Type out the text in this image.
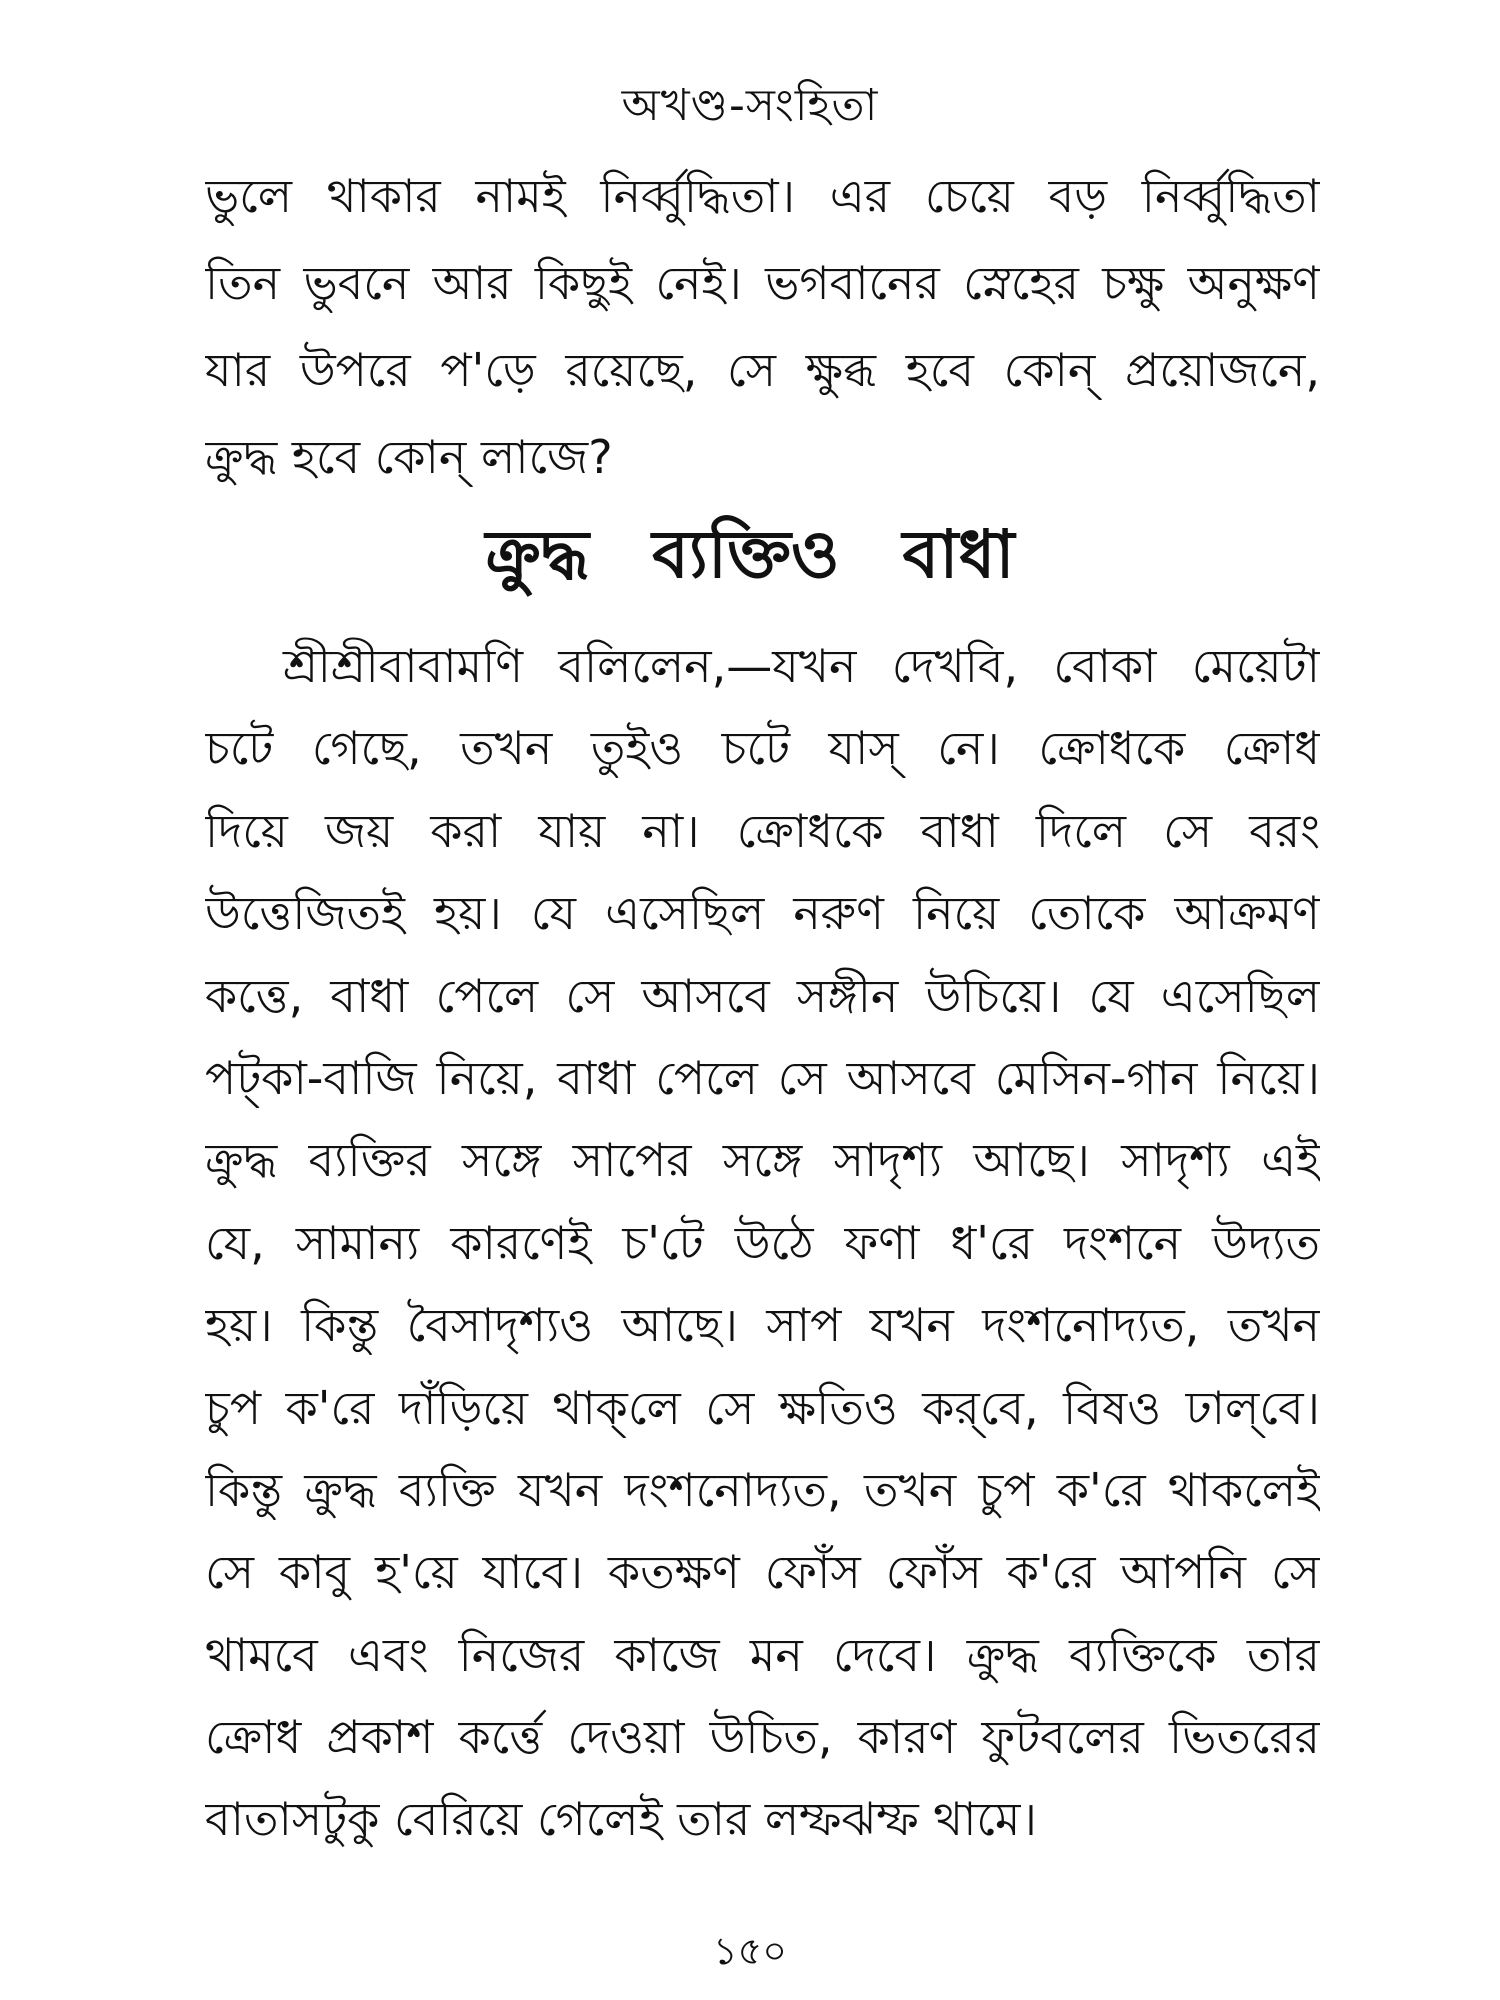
অখণ্ড-সংহিতা
ভুলে থাকার নামই নির্ব্বুদ্ধিতা। এর চেয়ে বড় নির্ব্বুদ্ধিতা
তিন ভুবনে আর কিছুই নেই। ভগবানের স্নেহের চক্ষু অনুক্ষণ
যার উপরে প'ড়ে রয়েছে, সে ক্ষুব্ধ হবে কোন্ প্রয়োজনে,
ক্রুদ্ধ হবে কোন্ লাজে?
ক্রুদ্ধ ব্যক্তিও বাধা
শ্রীশ্রীবাবামণি বলিলেন,—যখন দেখবি, বোকা মেয়েটা
চটে গেছে, তখন তুইও চটে যাস্ নে। ক্রোধকে ক্রোধ
দিয়ে জয় করা যায় না। ক্রোধকে বাধা দিলে সে বরং
উত্তেজিতই হয়। যে এসেছিল নরুণ নিয়ে তোকে আক্রমণ
কত্তে, বাধা পেলে সে আসবে সঙ্গীন উচিয়ে। যে এসেছিল
পট্কা-বাজি নিয়ে, বাধা পেলে সে আসবে মেসিন-গান নিয়ে।
ক্রুদ্ধ ব্যক্তির সঙ্গে সাপের সঙ্গে সাদৃশ্য আছে। সাদৃশ্য এই
যে, সামান্য কারণেই চ'টে উঠে ফণা ধ'রে দংশনে উদ্যত
হয়। কিন্তু বৈসাদৃশ্যও আছে। সাপ যখন দংশনোদ্যত, তখন
চুপ ক'রে দাঁড়িয়ে থাক্‌লে সে ক্ষতিও কর্‌বে, বিষও ঢাল্‌বে।
কিন্তু ক্রুদ্ধ ব্যক্তি যখন দংশনোদ্যত, তখন চুপ ক'রে থাকলেই
সে কাবু হ'য়ে যাবে। কতক্ষণ ফোঁস ফোঁস ক'রে আপনি সে
থামবে এবং নিজের কাজে মন দেবে। ক্রুদ্ধ ব্যক্তিকে তার
ক্রোধ প্রকাশ কর্ত্তে দেওয়া উচিত, কারণ ফুটবলের ভিতরের
বাতাসটুকু বেরিয়ে গেলেই তার লম্ফঝম্ফ থামে।
১৫০
